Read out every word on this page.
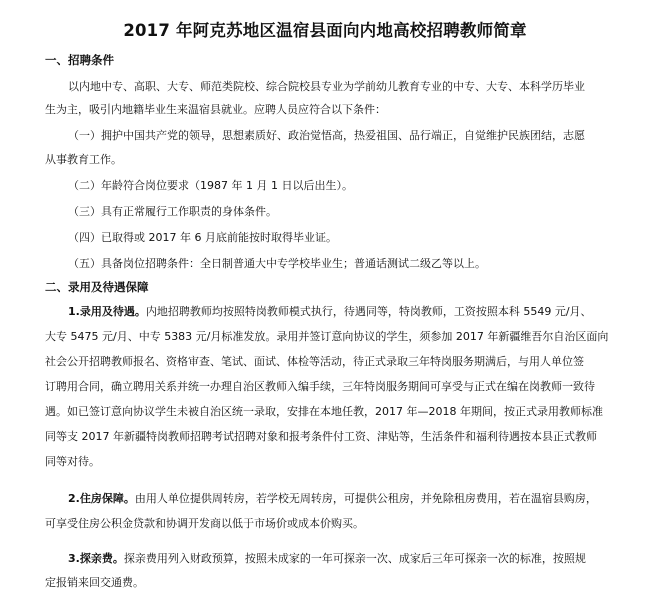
2017 年阿克苏地区温宿县面向内地高校招聘教师简章
一、招聘条件
以内地中专、高职、大专、师范类院校、综合院校县专业为学前幼儿教育专业的中专、大专、本科学历毕业
生为主，吸引内地籍毕业生来温宿县就业。应聘人员应符合以下条件：
（一）拥护中国共产党的领导，思想素质好、政治觉悟高，热爱祖国、品行端正，自觉维护民族团结，志愿
从事教育工作。
（二）年龄符合岗位要求（1987 年 1 月 1 日以后出生）。
（三）具有正常履行工作职责的身体条件。
（四）已取得或 2017 年 6 月底前能按时取得毕业证。
（五）具备岗位招聘条件：全日制普通大中专学校毕业生；普通话测试二级乙等以上。
二、录用及待遇保障
1.录用及待遇。内地招聘教师均按照特岗教师模式执行，待遇同等，特岗教师，工资按照本科 5549 元/月、
大专 5475 元/月、中专 5383 元/月标准发放。录用并签订意向协议的学生，须参加 2017 年新疆维吾尔自治区面向
社会公开招聘教师报名、资格审查、笔试、面试、体检等活动，待正式录取三年特岗服务期满后，与用人单位签
订聘用合同，确立聘用关系并统一办理自治区教师入编手续，三年特岗服务期间可享受与正式在编在岗教师一致待
遇。如已签订意向协议学生未被自治区统一录取，安排在本地任教，2017 年—2018 年期间，按正式录用教师标准
同等支 2017 年新疆特岗教师招聘考试招聘对象和报考条件付工资、津贴等，生活条件和福利待遇按本县正式教师
同等对待。
2.住房保障。由用人单位提供周转房，若学校无周转房，可提供公租房，并免除租房费用，若在温宿县购房，
可享受住房公积金贷款和协调开发商以低于市场价或成本价购买。
3.探亲费。探亲费用列入财政预算，按照未成家的一年可探亲一次、成家后三年可探亲一次的标准，按照规
定报销来回交通费。
